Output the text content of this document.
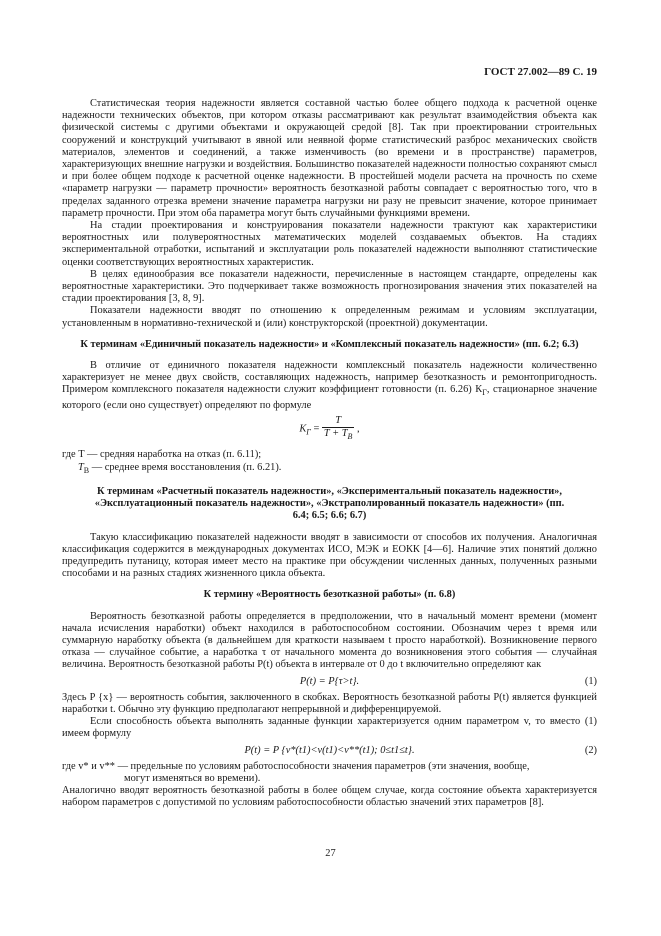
ГОСТ 27.002—89 С. 19

Статистическая теория надежности является составной частью более общего подхода к расчетной оценке надежности технических объектов, при котором отказы рассматривают как результат взаимодействия объекта как физической системы с другими объектами и окружающей средой [8]. Так при проектировании строительных сооружений и конструкций учитывают в явной или неявной форме статистический разброс механических свойств материалов, элементов и соединений, а также изменчивость (во времени и в пространстве) параметров, характеризующих внешние нагрузки и воздействия. Большинство показателей надежности полностью сохраняют смысл и при более общем подходе к расчетной оценке надежности. В простейшей модели расчета на прочность по схеме «параметр нагрузки — параметр прочности» вероятность безотказной работы совпадает с вероятностью того, что в пределах заданного отрезка времени значение параметра нагрузки ни разу не превысит значение, которое принимает параметр прочности. При этом оба параметра могут быть случайными функциями времени.

На стадии проектирования и конструирования показатели надежности трактуют как характеристики вероятностных или полувероятностных математических моделей создаваемых объектов. На стадиях экспериментальной отработки, испытаний и эксплуатации роль показателей надежности выполняют статистические оценки соответствующих вероятностных характеристик.

В целях единообразия все показатели надежности, перечисленные в настоящем стандарте, определены как вероятностные характеристики. Это подчеркивает также возможность прогнозирования значения этих показателей на стадии проектирования [3, 8, 9].

Показатели надежности вводят по отношению к определенным режимам и условиям эксплуатации, установленным в нормативно-технической и (или) конструкторской (проектной) документации.

К терминам «Единичный показатель надежности» и «Комплексный показатель надежности» (пп. 6.2; 6.3)

В отличие от единичного показателя надежности комплексный показатель надежности количественно характеризует не менее двух свойств, составляющих надежность, например безотказность и ремонтопригодность. Примером комплексного показателя надежности служит коэффициент готовности (п. 6.26) $К_Г$, стационарное значение которого (если оно существует) определяют по формуле

$К_Г = \frac{T}{T + T_В}$ ,
где T — средняя наработка на отказ (п. 6.11);
$T_В$ — среднее время восстановления (п. 6.21).
К терминам «Расчетный показатель надежности», «Экспериментальный показатель надежности», «Эксплуатационный показатель надежности», «Экстраполированный показатель надежности» (пп. 6.4; 6.5; 6.6; 6.7)

Такую классификацию показателей надежности вводят в зависимости от способов их получения. Аналогичная классификация содержится в международных документах ИСО, МЭК и ЕОКК [4—6]. Наличие этих понятий должно предупредить путаницу, которая имеет место на практике при обсуждении численных данных, полученных разными способами и на разных стадиях жизненного цикла объекта.

К термину «Вероятность безотказной работы» (п. 6.8)

Вероятность безотказной работы определяется в предположении, что в начальный момент времени (момент начала исчисления наработки) объект находился в работоспособном состоянии. Обозначим через t время или суммарную наработку объекта (в дальнейшем для краткости называем t просто наработкой). Возникновение первого отказа — случайное событие, а наработка τ от начального момента до возникновения этого события — случайная величина. Вероятность безотказной работы P(t) объекта в интервале от 0 до t включительно определяют как

P(t) = P{τ>t}.	(1)

Здесь P {x} — вероятность события, заключенного в скобках. Вероятность безотказной работы P(t) является функцией наработки t. Обычно эту функцию предполагают непрерывной и дифференцируемой.

Если способность объекта выполнять заданные функции характеризуется одним параметром v, то вместо (1) имеем формулу

P(t) = P {v*(t1)<v(t1)<v**(t1); 0≤t1≤t}.	(2)
где v* и v** — предельные по условиям работоспособности значения параметров (эти значения, вообще,
могут изменяться во времени).

Аналогично вводят вероятность безотказной работы в более общем случае, когда состояние объекта характеризуется набором параметров с допустимой по условиям работоспособности областью значений этих параметров [8].

27
